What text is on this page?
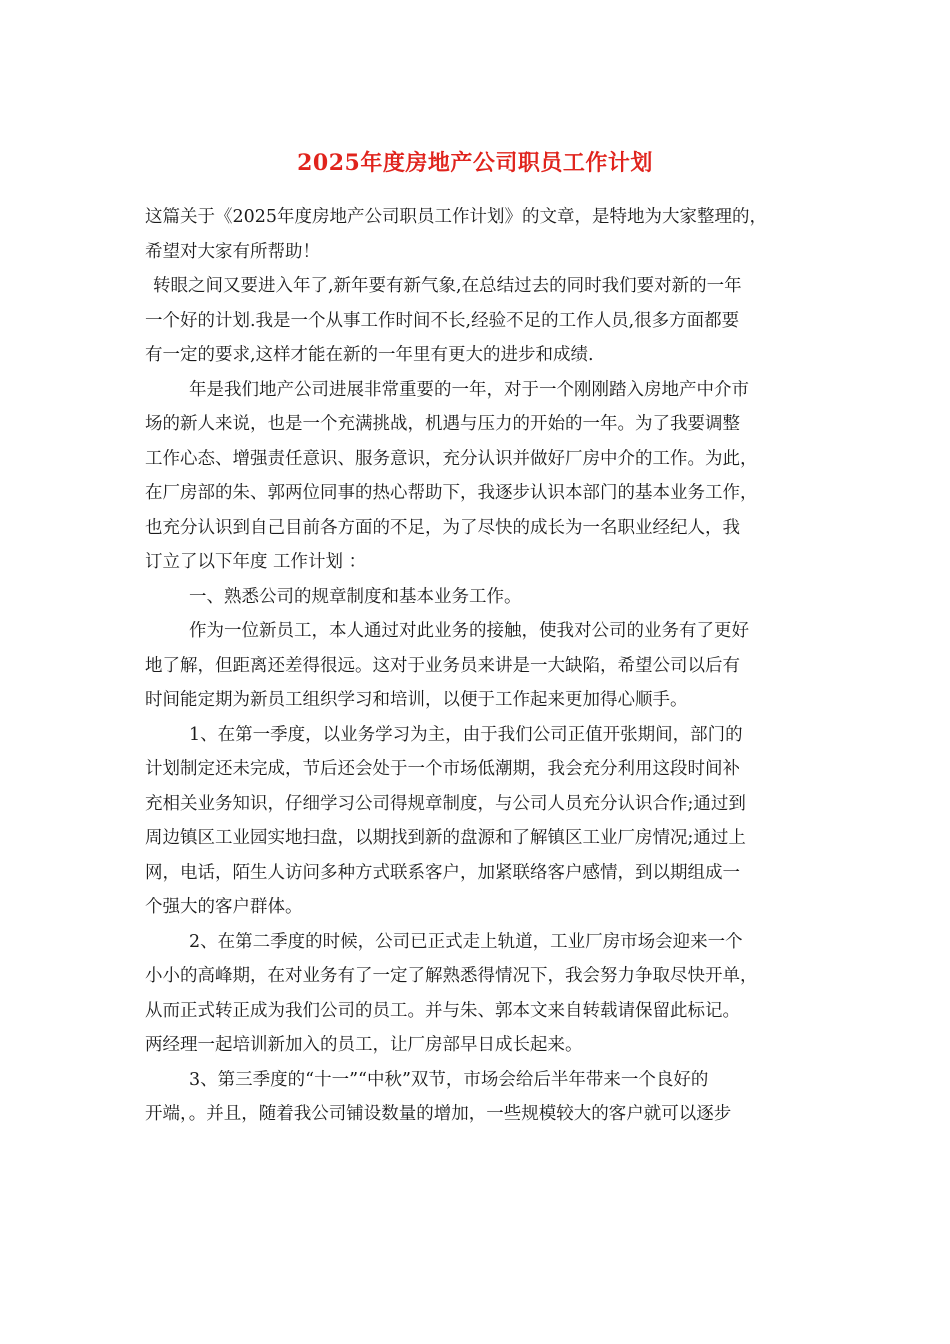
2025年度房地产公司职员工作计划
这篇关于《2025年度房地产公司职员工作计划》的文章，是特地为大家整理的，
希望对大家有所帮助！
转眼之间又要进入年了,新年要有新气象,在总结过去的同时我们要对新的一年
一个好的计划.我是一个从事工作时间不长,经验不足的工作人员,很多方面都要
有一定的要求,这样才能在新的一年里有更大的进步和成绩.
年是我们地产公司进展非常重要的一年，对于一个刚刚踏入房地产中介市
场的新人来说，也是一个充满挑战，机遇与压力的开始的一年。为了我要调整
工作心态、增强责任意识、服务意识，充分认识并做好厂房中介的工作。为此，
在厂房部的朱、郭两位同事的热心帮助下，我逐步认识本部门的基本业务工作，
也充分认识到自己目前各方面的不足，为了尽快的成长为一名职业经纪人，我
订立了以下年度 工作计划 ：
一、熟悉公司的规章制度和基本业务工作。
作为一位新员工，本人通过对此业务的接触，使我对公司的业务有了更好
地了解，但距离还差得很远。这对于业务员来讲是一大缺陷，希望公司以后有
时间能定期为新员工组织学习和培训，以便于工作起来更加得心顺手。
1、在第一季度，以业务学习为主，由于我们公司正值开张期间，部门的
计划制定还未完成，节后还会处于一个市场低潮期，我会充分利用这段时间补
充相关业务知识，仔细学习公司得规章制度，与公司人员充分认识合作;通过到
周边镇区工业园实地扫盘，以期找到新的盘源和了解镇区工业厂房情况;通过上
网，电话，陌生人访问多种方式联系客户，加紧联络客户感情，到以期组成一
个强大的客户群体。
2、在第二季度的时候，公司已正式走上轨道，工业厂房市场会迎来一个
小小的高峰期，在对业务有了一定了解熟悉得情况下，我会努力争取尽快开单，
从而正式转正成为我们公司的员工。并与朱、郭本文来自转载请保留此标记。
两经理一起培训新加入的员工，让厂房部早日成长起来。
3、第三季度的“十一”“中秋”双节，市场会给后半年带来一个良好的
开端，。并且，随着我公司铺设数量的增加，一些规模较大的客户就可以逐步
